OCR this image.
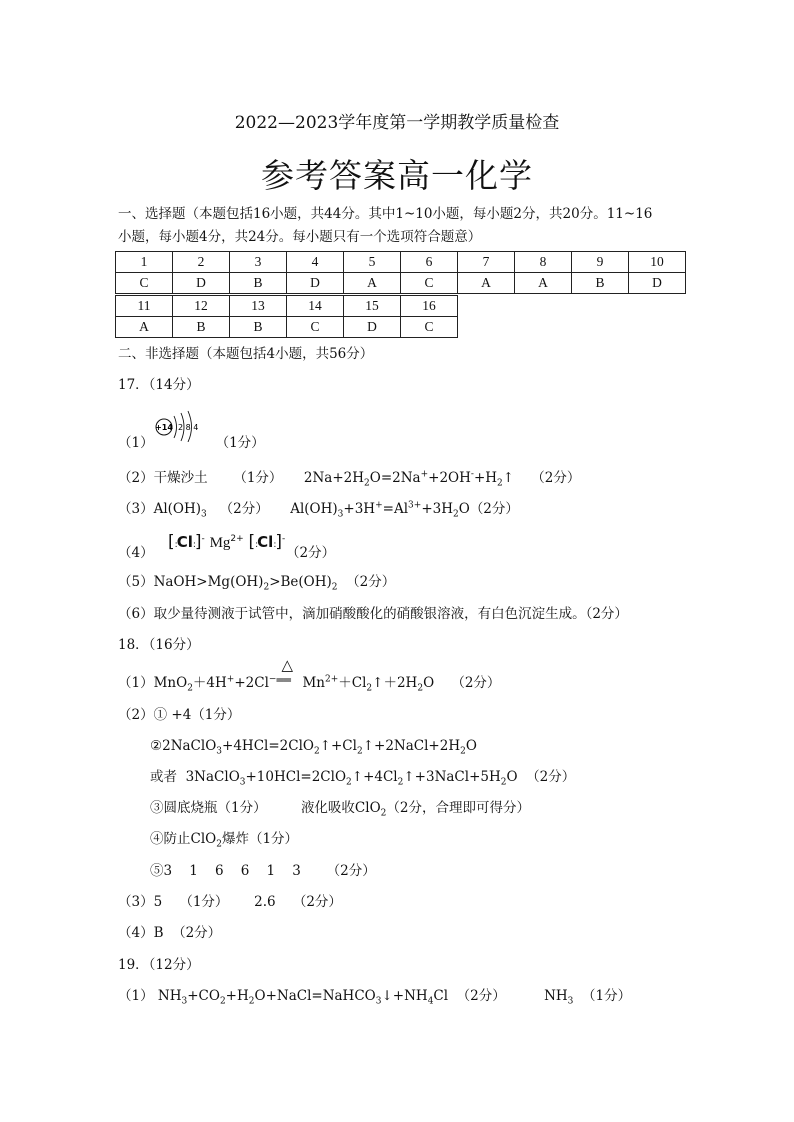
2022—2023学年度第一学期教学质量检查
参考答案高一化学
一、选择题（本题包括16小题，共44分。其中1~10小题，每小题2分，共20分。11~16
小题，每小题4分，共24分。每小题只有一个选项符合题意）
1	2	3	4	5	6	7	8	9	10
C	D	B	D	A	C	A	A	B	D
11	12	13	14	15	16
A	B	B	C	D	C
二、非选择题（本题包括4小题，共56分）
17．（14分）
+14 2 8 4
（1）	（1分）
（2）干燥沙土 （1分） $2Na+2H_2O=2Na^++2OH^-+H_2↑$ （2分）
$(3)Al(OH)_3$ （2分） $Al(OH)_3+3H^+=Al^{3+}+3H_2O(2$分）
（4）
[:Cl:]- $Mg^{2+}$ [:Cl:]-
（2分）
$(5)NaOH>Mg(OH)_2>Be(OH)_2$ （2分）
（6）取少量待测液于试管中，滴加硝酸酸化的硝酸银溶液，有白色沉淀生成。（2分）
18．（16分）
（1）MnO$_2$＋4H++2Cl−
△
══ $Mn^{2+}+Cl_2↑+2H_2O$ （2分）
（2）① +4（1分）
$②2NaClO_3+4HCl=2ClO_2↑+Cl_2↑+2NaCl+2H_2O$
或者 $3NaClO_3+10HCl=2ClO_2↑+4Cl_2↑+3NaCl+5H_2O$ （2分）
③圆底烧瓶（1分）	液化吸收ClO$_2$（2分，合理即可得分）
④防止ClO$_2$爆炸（1分）
⑤3    1    6    6    1    3      （2分）
（3）5    （1分）      2.6    （2分）
（4）B  （2分）
19．（12分）
（1） $NH_3+CO_2+H_2O+NaCl=NaHCO_3↓+NH_4Cl$ （2分）	$NH_3$ （1分）
